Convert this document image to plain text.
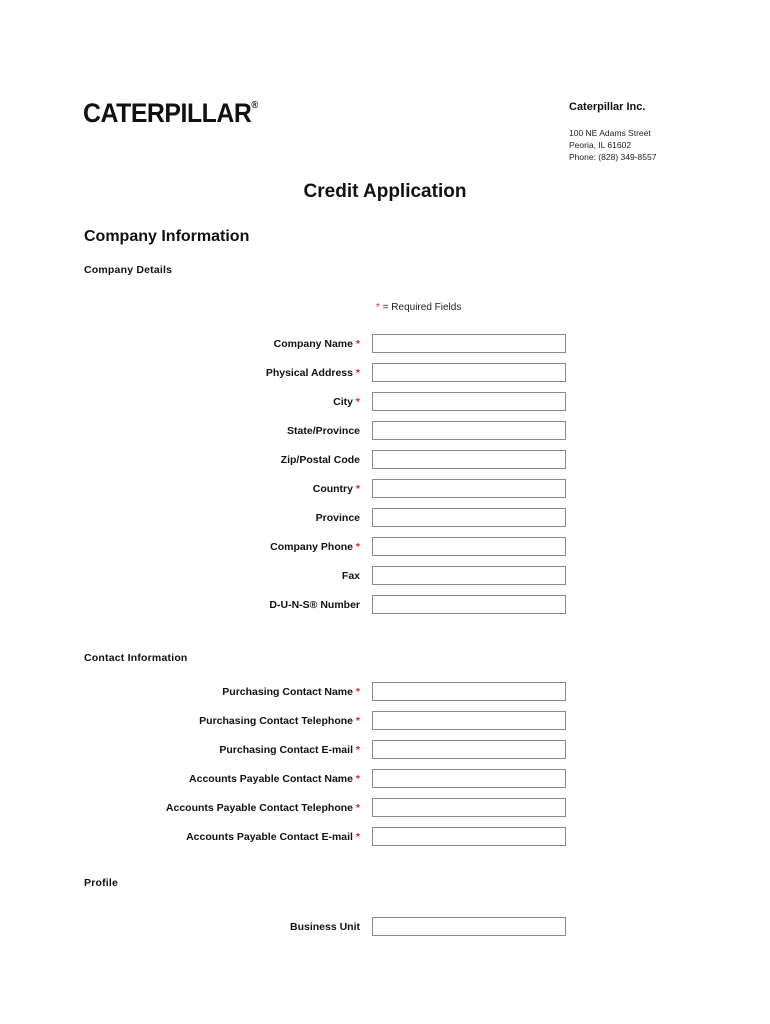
CATERPILLAR®	Caterpillar Inc.
100 NE Adams Street
Peoria, IL 61602
Phone: (828) 349-8557
Credit Application
Company Information
Company Details
* = Required Fields
Company Name *
Physical Address *
City *
State/Province
Zip/Postal Code
Country *
Province
Company Phone *
Fax
D-U-N-S® Number
Contact Information
Purchasing Contact Name *
Purchasing Contact Telephone *
Purchasing Contact E-mail *
Accounts Payable Contact Name *
Accounts Payable Contact Telephone *
Accounts Payable Contact E-mail *
Profile
Business Unit
